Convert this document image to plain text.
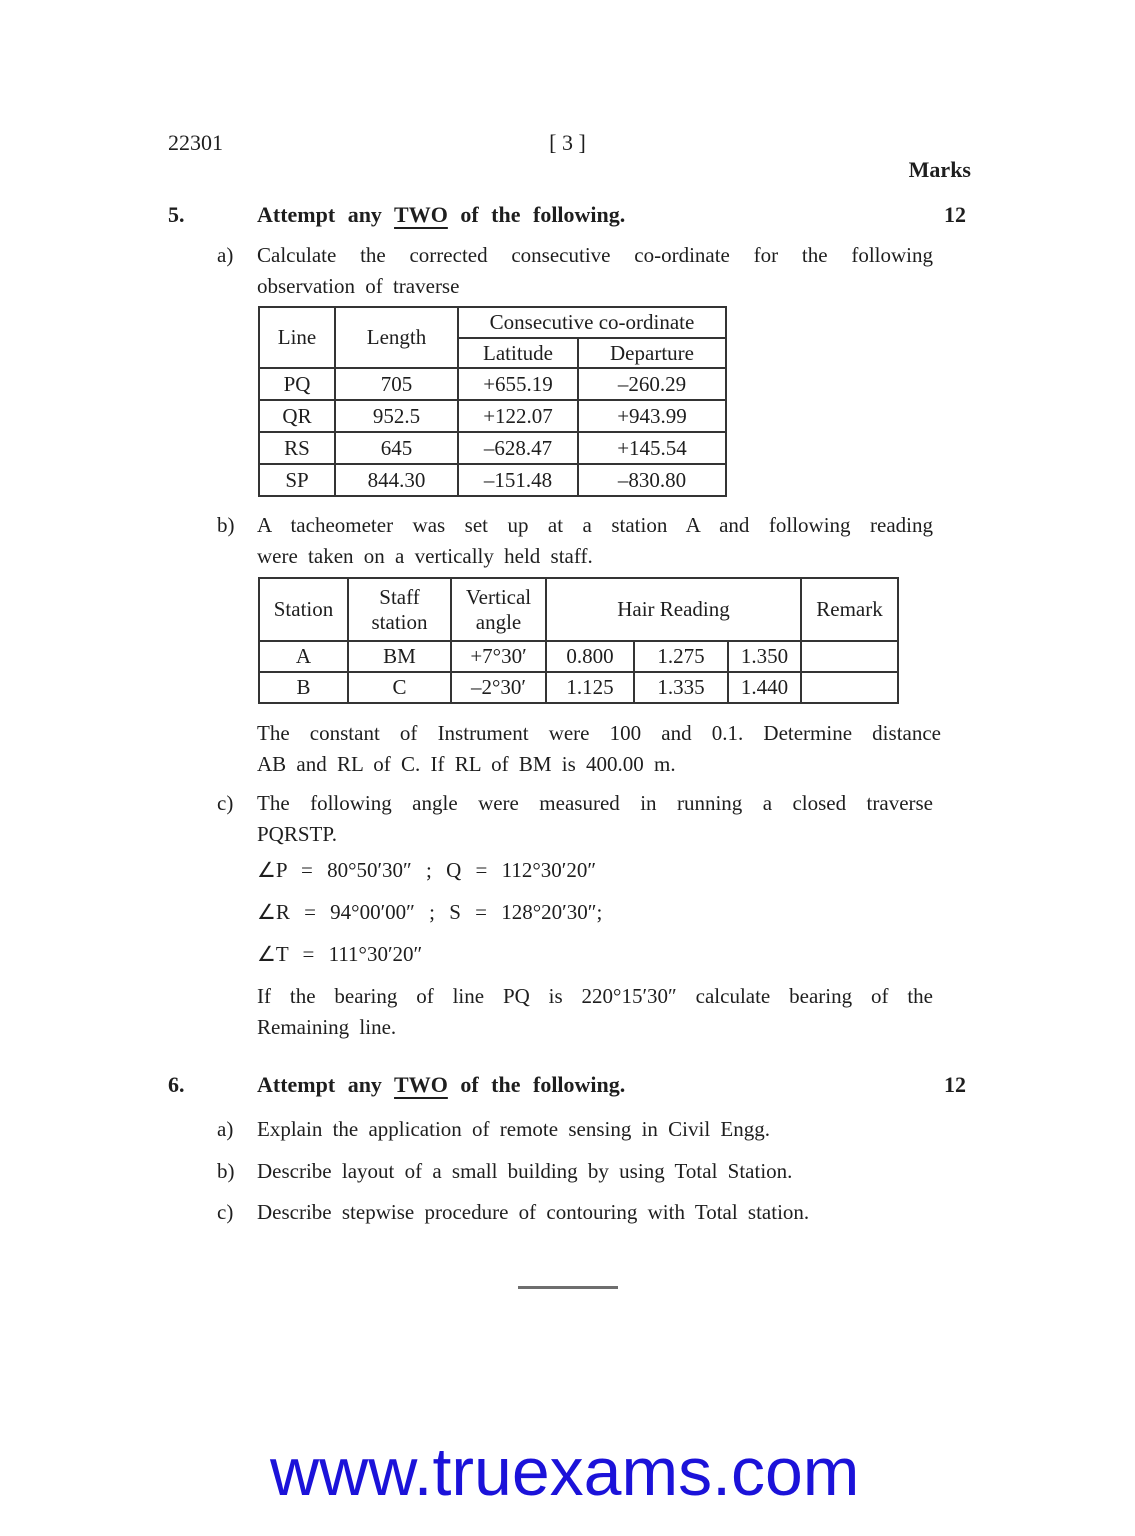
22301	[ 3 ]
Marks
5.	Attempt any TWO of the following.	12
a) Calculate the corrected consecutive co-ordinate for the following
observation of traverse
Line	Length	Consecutive co-ordinate	
		Latitude	Departure
PQ	705	+655.19	–260.29
QR	952.5	+122.07	+943.99
RS	645	–628.47	+145.54
SP	844.30	–151.48	–830.80
b) A tacheometer was set up at a station A and following reading
were taken on a vertically held staff.
Station	Staff station	Vertical angle	Hair Reading			Remark
A	BM	+7°30′	0.800	1.275	1.350	
B	C	–2°30′	1.125	1.335	1.440	
The constant of Instrument were 100 and 0.1. Determine distance
AB and RL of C. If RL of BM is 400.00 m.
c) The following angle were measured in running a closed traverse
PQRSTP.
∠P = 80°50′30″ ; Q = 112°30′20″
∠R = 94°00′00″ ; S = 128°20′30″;
∠T = 111°30′20″
If the bearing of line PQ is 220°15′30″ calculate bearing of the
Remaining line.
6.	Attempt any TWO of the following.	12
a) Explain the application of remote sensing in Civil Engg.
b) Describe layout of a small building by using Total Station.
c) Describe stepwise procedure of contouring with Total station.
www.truexams.com
